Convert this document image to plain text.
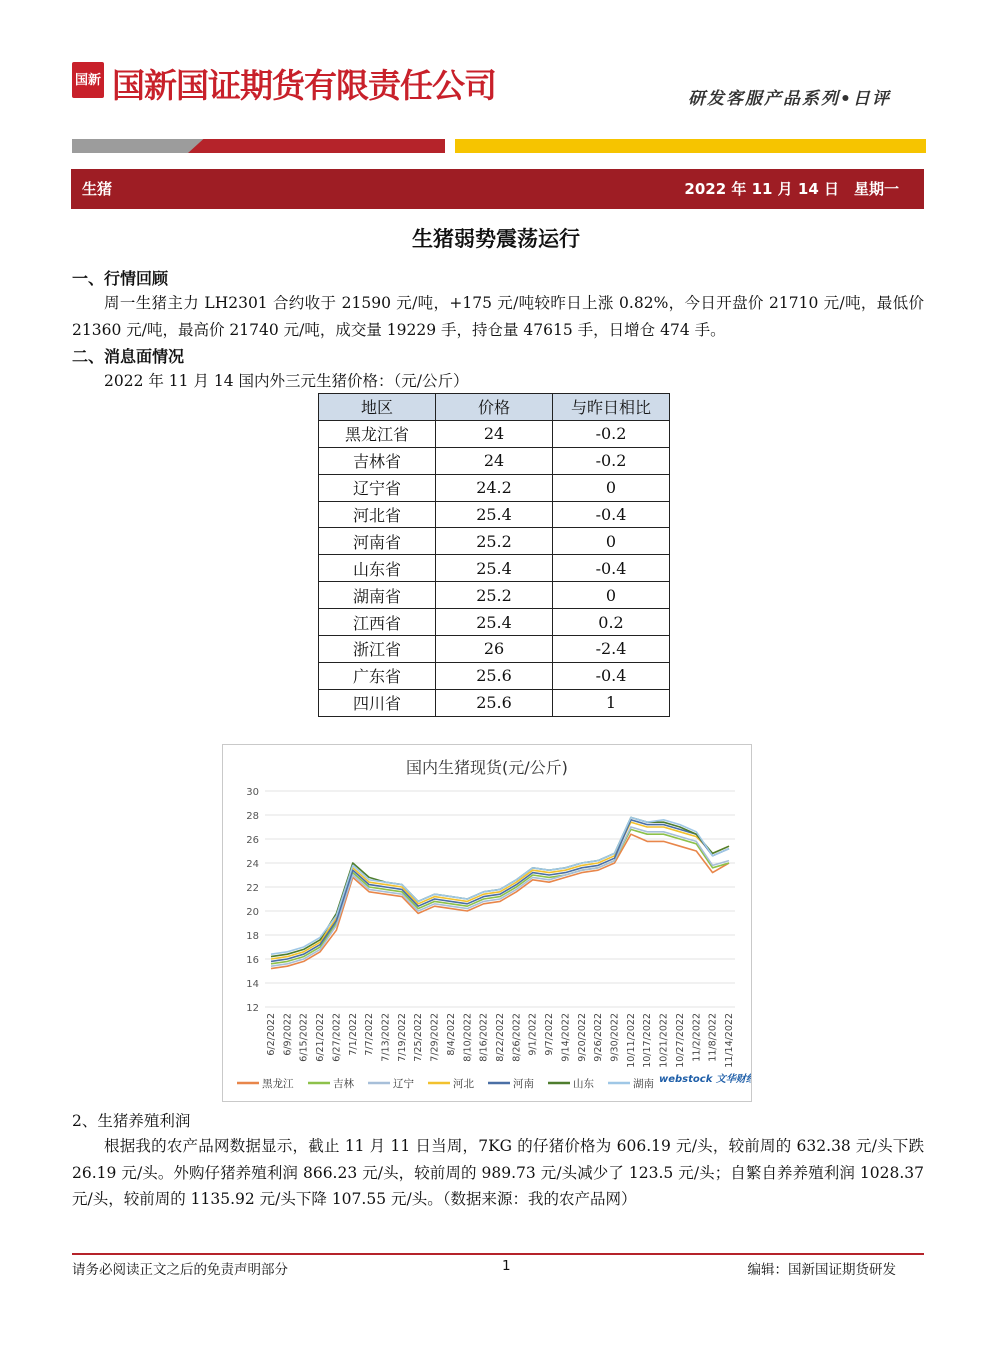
国新 国新国证期货有限责任公司	研发客服产品系列•日评
生猪	2022 年 11 月 14 日　星期一
生猪弱势震荡运行
一、行情回顾
周一生猪主力 LH2301 合约收于 21590 元/吨，+175 元/吨较昨日上涨 0.82%，今日开盘价 21710 元/吨，最低价 21360 元/吨，最高价 21740 元/吨，成交量 19229 手，持仓量 47615 手，日增仓 474 手。
二、消息面情况
2022 年 11 月 14 国内外三元生猪价格：（元/公斤）
地区	价格	与昨日相比
黑龙江省	24	-0.2
吉林省	24	-0.2
辽宁省	24.2	0
河北省	25.4	-0.4
河南省	25.2	0
山东省	25.4	-0.4
湖南省	25.2	0
江西省	25.4	0.2
浙江省	26	-2.4
广东省	25.6	-0.4
四川省	25.6	1
国内生猪现货(元/公斤)
12
14
16
18
20
22
24
26
28
30
6/2/2022 6/9/2022 6/15/2022 6/21/2022 6/27/2022 7/1/2022 7/7/2022 7/13/2022 7/19/2022 7/25/2022 7/29/2022 8/4/2022 8/10/2022 8/16/2022 8/22/2022 8/26/2022 9/1/2022 9/7/2022 9/14/2022 9/20/2022 9/26/2022 9/30/2022 10/11/2022 10/17/2022 10/21/2022 10/27/2022 11/2/2022 11/8/2022 11/14/2022
黑龙江	吉林	辽宁	河北	河南	山东	湖南 webstock 文华财经
2、生猪养殖利润
根据我的农产品网数据显示，截止 11 月 11 日当周，7KG 的仔猪价格为 606.19 元/头，较前周的 632.38 元/头下跌 26.19 元/头。外购仔猪养殖利润 866.23 元/头，较前周的 989.73 元/头减少了 123.5 元/头；自繁自养养殖利润 1028.37 元/头，较前周的 1135.92 元/头下降 107.55 元/头。（数据来源：我的农产品网）
请务必阅读正文之后的免责声明部分	1	编辑：国新国证期货研发
